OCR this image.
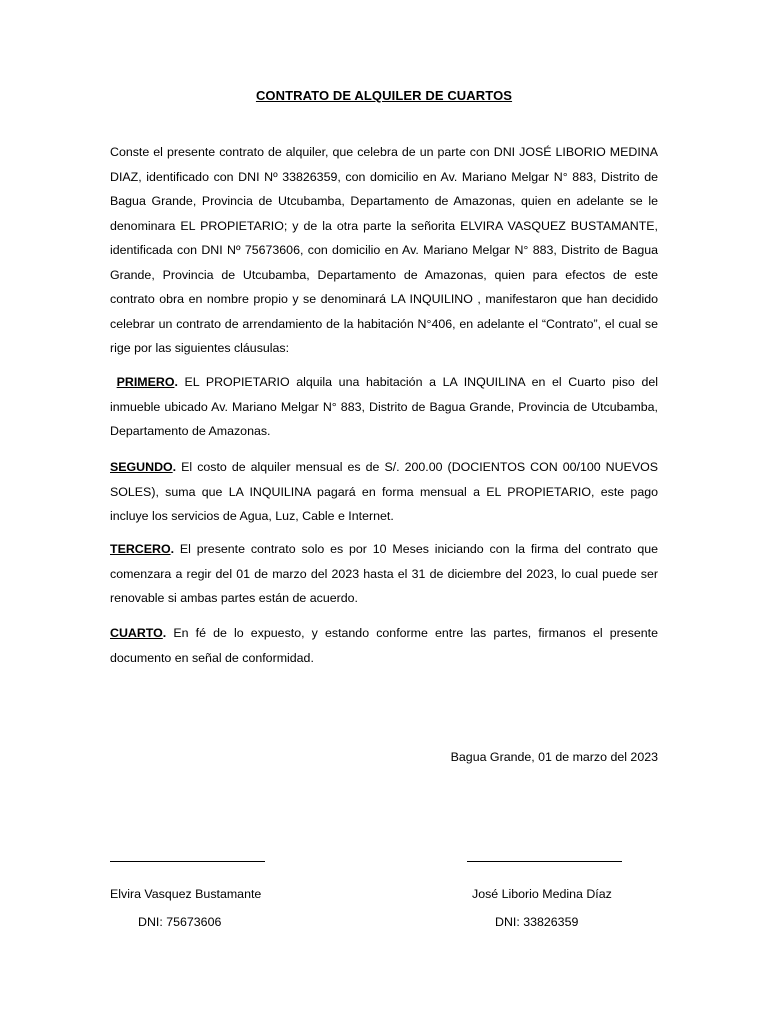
CONTRATO DE ALQUILER DE CUARTOS

Conste el presente contrato de alquiler, que celebra de un parte con DNI JOSÉ LIBORIO MEDINA DIAZ, identificado con DNI Nº 33826359, con domicilio en Av. Mariano Melgar N° 883, Distrito de Bagua Grande, Provincia de Utcubamba, Departamento de Amazonas, quien en adelante se le denominara EL PROPIETARIO; y de la otra parte la señorita ELVIRA VASQUEZ BUSTAMANTE, identificada con DNI Nº 75673606, con domicilio en Av. Mariano Melgar N° 883, Distrito de Bagua Grande, Provincia de Utcubamba, Departamento de Amazonas, quien para efectos de este contrato obra en nombre propio y se denominará LA INQUILINO , manifestaron que han decidido celebrar un contrato de arrendamiento de la habitación N°406, en adelante el “Contrato”, el cual se rige por las siguientes cláusulas:

PRIMERO. EL PROPIETARIO alquila una habitación a LA INQUILINA en el Cuarto piso del inmueble ubicado Av. Mariano Melgar N° 883, Distrito de Bagua Grande, Provincia de Utcubamba, Departamento de Amazonas.

SEGUNDO. El costo de alquiler mensual es de S/. 200.00 (DOCIENTOS CON 00/100 NUEVOS SOLES), suma que LA INQUILINA pagará en forma mensual a EL PROPIETARIO, este pago incluye los servicios de Agua, Luz, Cable e Internet.

TERCERO. El presente contrato solo es por 10 Meses iniciando con la firma del contrato que comenzara a regir del 01 de marzo del 2023 hasta el 31 de diciembre del 2023, lo cual puede ser renovable si ambas partes están de acuerdo.

CUARTO. En fé de lo expuesto, y estando conforme entre las partes, firmanos el presente documento en señal de conformidad.

Bagua Grande, 01 de marzo del 2023
Elvira Vasquez Bustamante	José Liborio Medina Díaz
DNI: 75673606	DNI: 33826359
